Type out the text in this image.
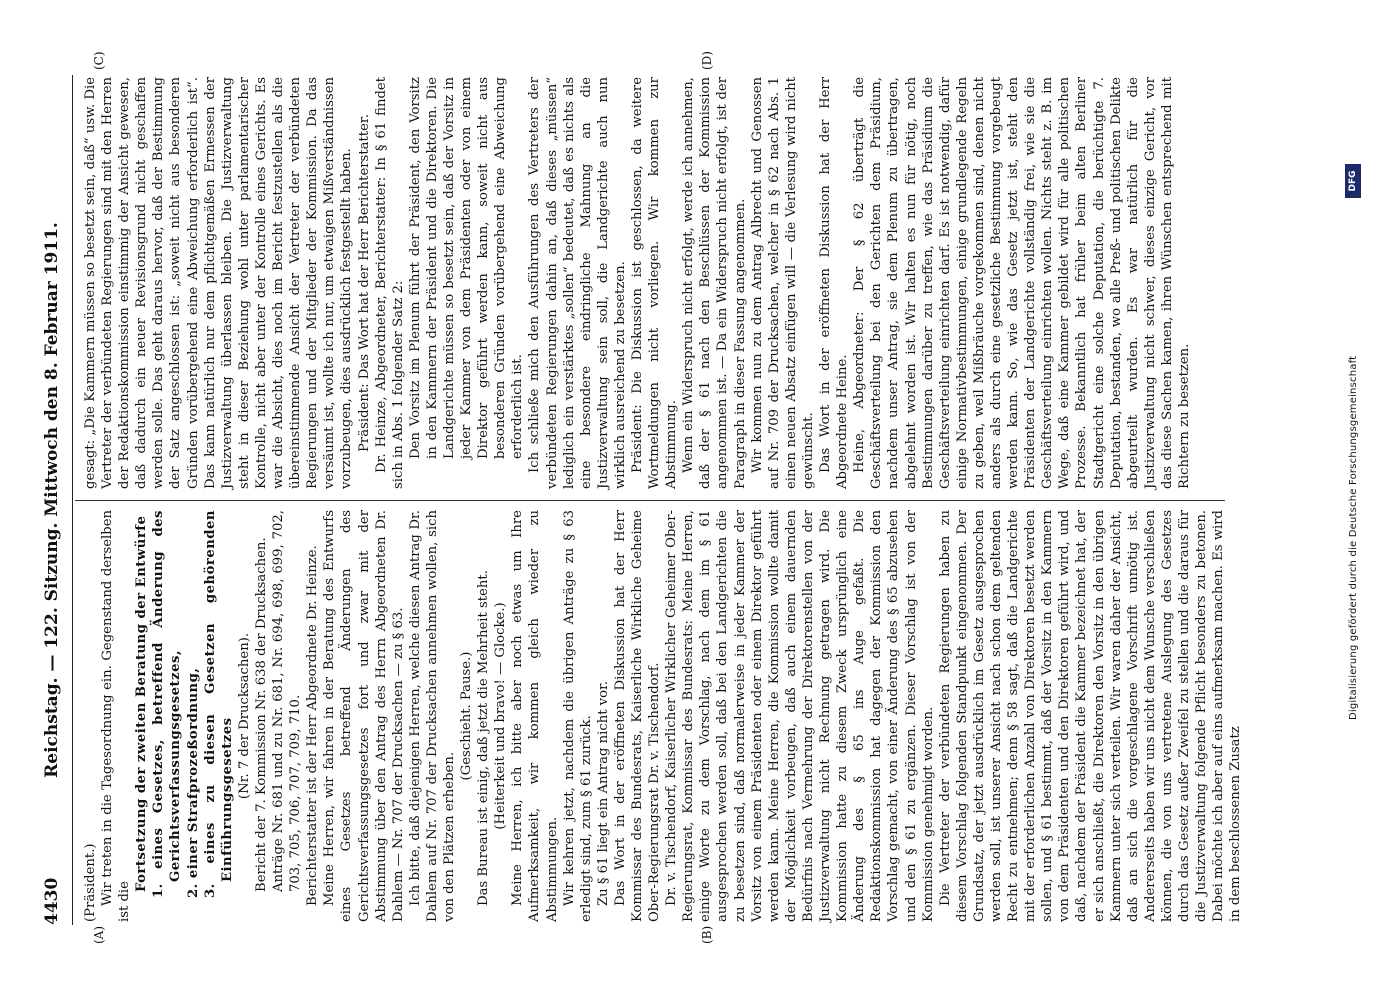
4430
Reichstag. — 122. Sitzung. Mittwoch den 8. Februar 1911.
(A)	(B)
(C)	(D)

(Präsident.) Wir treten in die Tagesordnung ein. Gegenstand derselben ist die

Fortsetzung der zweiten Beratung der Entwürfe 1. eines Gesetzes, betreffend Änderung des Gerichtsverfassungsgesetzes, 2. einer Strafprozeßordnung, 3. eines zu diesen Gesetzen gehörenden Einführungsgesetzes

(Nr. 7 der Drucksachen). Bericht der 7. Kommission Nr. 638 der Drucksachen. Anträge Nr. 681 und zu Nr. 681, Nr. 694, 698, 699, 702, 703, 705, 706, 707, 709, 710. Berichterstatter ist der Herr Abgeordnete Dr. Heinze. Meine Herren, wir fahren in der Beratung des Entwurfs eines Gesetzes betreffend Änderungen des Gerichtsverfassungsgesetzes fort und zwar mit der Abstimmung über den Antrag des Herrn Abgeordneten Dr. Dahlem — Nr. 707 der Drucksachen — zu § 63. Ich bitte, daß diejenigen Herren, welche diesen Antrag Dr. Dahlem auf Nr. 707 der Drucksachen annehmen wollen, sich von den Plätzen erheben.

(Geschieht. Pause.) Das Bureau ist einig, daß jetzt die Mehrheit steht. (Heiterkeit und bravo! — Glocke.) Meine Herren, ich bitte aber noch etwas um Ihre Aufmerksamkeit, wir kommen gleich wieder zu Abstimmungen. Wir kehren jetzt, nachdem die übrigen Anträge zu § 63 erledigt sind, zum § 61 zurück. Zu § 61 liegt ein Antrag nicht vor. Das Wort in der eröffneten Diskussion hat der Herr Kommissar des Bundesrats, Kaiserliche Wirkliche Geheime Ober-Regierungsrat Dr. v. Tischendorf. Dr. v. Tischendorf, Kaiserlicher Wirklicher Geheimer Ober-Regierungsrat, Kommissar des Bundesrats: Meine Herren, einige Worte zu dem Vorschlag, nach dem im § 61 ausgesprochen werden soll, daß bei den Landgerichten die zu besetzen sind, daß normalerweise in jeder Kammer der Vorsitz von einem Präsidenten oder einem Direktor geführt werden kann. Meine Herren, die Kommission wollte damit der Möglichkeit vorbeugen, daß auch einem dauernden Bedürfnis nach Vermehrung der Direktorenstellen von der Justizverwaltung nicht Rechnung getragen wird. Die Kommission hatte zu diesem Zweck ursprünglich eine Änderung des § 65 ins Auge gefaßt. Die Redaktionskommission hat dagegen der Kommission den Vorschlag gemacht, von einer Änderung des § 65 abzusehen und den § 61 zu ergänzen. Dieser Vorschlag ist von der Kommission genehmigt worden. Die Vertreter der verbündeten Regierungen haben zu diesem Vorschlag folgenden Standpunkt eingenommen. Der Grundsatz, der jetzt ausdrücklich im Gesetz ausgesprochen werden soll, ist unserer Ansicht nach schon dem geltenden Recht zu entnehmen; denn § 58 sagt, daß die Landgerichte mit der erforderlichen Anzahl von Direktoren besetzt werden sollen, und § 61 bestimmt, daß der Vorsitz in den Kammern von dem Präsidenten und den Direktoren geführt wird, und daß, nachdem der Präsident die Kammer bezeichnet hat, der er sich anschließt, die Direktoren den Vorsitz in den übrigen Kammern unter sich verteilen. Wir waren daher der Ansicht, daß an sich die vorgeschlagene Vorschrift unnötig ist. Andererseits haben wir uns nicht dem Wunsche verschließen können, die von uns vertretene Auslegung des Gesetzes durch das Gesetz außer Zweifel zu stellen und die daraus für die Justizverwaltung folgende Pflicht besonders zu betonen. Dabei möchte ich aber auf eins aufmerksam machen. Es wird in dem beschlossenen Zusatz

gesagt: „Die Kammern müssen so besetzt sein, daß“ usw. Die Vertreter der verbündeten Regierungen sind mit den Herren der Redaktionskommission einstimmig der Ansicht gewesen, daß dadurch ein neuer Revisionsgrund nicht geschaffen werden solle. Das geht daraus hervor, daß der Bestimmung der Satz angeschlossen ist: „soweit nicht aus besonderen Gründen vorübergehend eine Abweichung erforderlich ist“. Das kann natürlich nur dem pflichtgemäßen Ermessen der Justizverwaltung überlassen bleiben. Die Justizverwaltung steht in dieser Beziehung wohl unter parlamentarischer Kontrolle, nicht aber unter der Kontrolle eines Gerichts. Es war die Absicht, dies noch im Bericht festzustellen als die übereinstimmende Ansicht der Vertreter der verbündeten Regierungen und der Mitglieder der Kommission. Da das versäumt ist, wollte ich nur, um etwaigen Mißverständnissen vorzubeugen, dies ausdrücklich festgestellt haben. Präsident: Das Wort hat der Herr Berichterstatter. Dr. Heinze, Abgeordneter, Berichterstatter: In § 61 findet sich in Abs. 1 folgender Satz 2: Den Vorsitz im Plenum führt der Präsident, den Vorsitz in den Kammern der Präsident und die Direktoren. Die Landgerichte müssen so besetzt sein, daß der Vorsitz in jeder Kammer von dem Präsidenten oder von einem Direktor geführt werden kann, soweit nicht aus besonderen Gründen vorübergehend eine Abweichung erforderlich ist. Ich schließe mich den Ausführungen des Vertreters der verbündeten Regierungen dahin an, daß dieses „müssen“ lediglich ein verstärktes „sollen“ bedeutet, daß es nichts als eine besondere eindringliche Mahnung an die Justizverwaltung sein soll, die Landgerichte auch nun wirklich ausreichend zu besetzen. Präsident: Die Diskussion ist geschlossen, da weitere Wortmeldungen nicht vorliegen. Wir kommen zur Abstimmung. Wenn ein Widerspruch nicht erfolgt, werde ich annehmen, daß der § 61 nach den Beschlüssen der Kommission angenommen ist. — Da ein Widerspruch nicht erfolgt, ist der Paragraph in dieser Fassung angenommen. Wir kommen nun zu dem Antrag Albrecht und Genossen auf Nr. 709 der Drucksachen, welcher in § 62 nach Abs. 1 einen neuen Absatz einfügen will — die Verlesung wird nicht gewünscht. Das Wort in der eröffneten Diskussion hat der Herr Abgeordnete Heine. Heine, Abgeordneter: Der § 62 überträgt die Geschäftsverteilung bei den Gerichten dem Präsidium, nachdem unser Antrag, sie dem Plenum zu übertragen, abgelehnt worden ist. Wir halten es nun für nötig, noch Bestimmungen darüber zu treffen, wie das Präsidium die Geschäftsverteilung einrichten darf. Es ist notwendig, dafür einige Normativbestimmungen, einige grundlegende Regeln zu geben, weil Mißbräuche vorgekommen sind, denen nicht anders als durch eine gesetzliche Bestimmung vorgebeugt werden kann. So, wie das Gesetz jetzt ist, steht den Präsidenten der Landgerichte vollständig frei, wie sie die Geschäftsverteilung einrichten wollen. Nichts steht z. B. im Wege, daß eine Kammer gebildet wird für alle politischen Prozesse. Bekanntlich hat früher beim alten Berliner Stadtgericht eine solche Deputation, die berüchtigte 7. Deputation, bestanden, wo alle Preß- und politischen Delikte abgeurteilt wurden. Es war natürlich für die Justizverwaltung nicht schwer, dieses einzige Gericht, vor das diese Sachen kamen, ihren Wünschen entsprechend mit Richtern zu besetzen.	Digitalisierung gefördert durch die Deutsche Forschungsgemeinschaft
DFG
